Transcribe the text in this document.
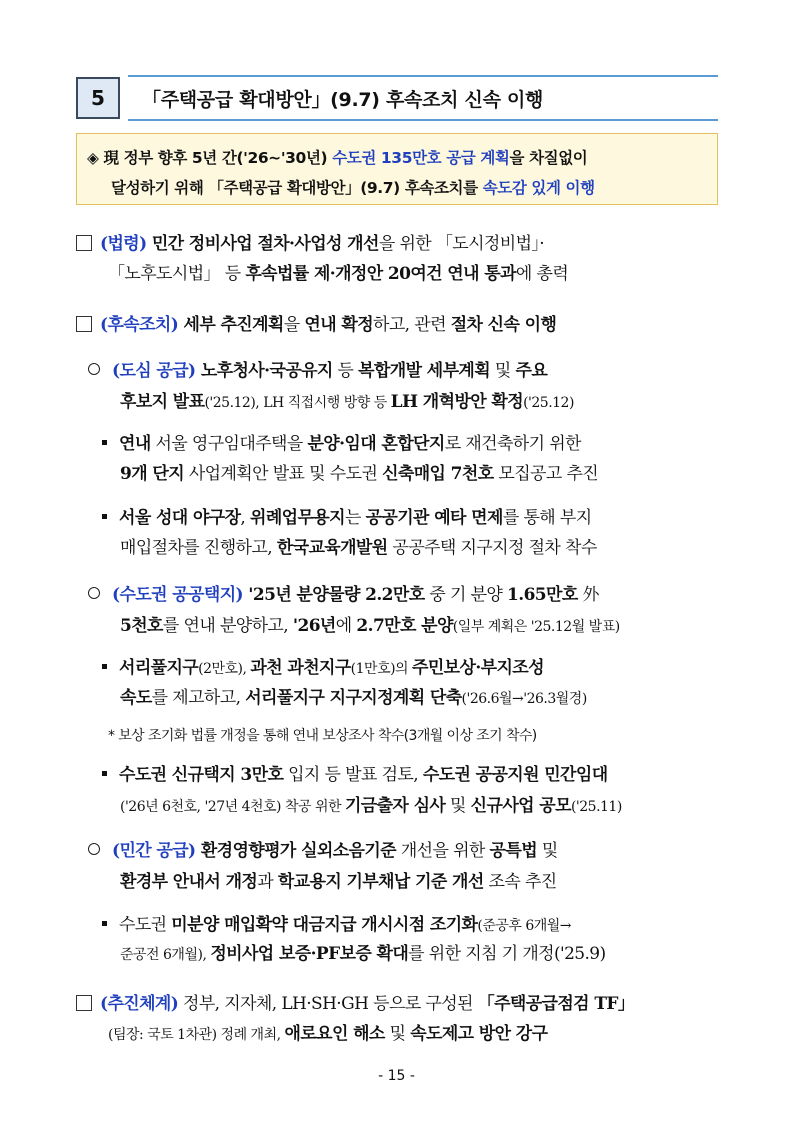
5	「주택공급 확대방안」(9.7) 후속조치 신속 이행
◈ 現 정부 향후 5년 간('26∼'30년) 수도권 135만호 공급 계획을 차질없이
달성하기 위해 「주택공급 확대방안」(9.7) 후속조치를 속도감 있게 이행
(법령) 민간 정비사업 절차·사업성 개선을 위한 「도시정비법」·
「노후도시법」 등 후속법률 제·개정안 20여건 연내 통과에 총력
(후속조치) 세부 추진계획을 연내 확정하고, 관련 절차 신속 이행
(도심 공급) 노후청사·국공유지 등 복합개발 세부계획 및 주요
후보지 발표('25.12), LH 직접시행 방향 등 LH 개혁방안 확정('25.12)
연내 서울 영구임대주택을 분양·임대 혼합단지로 재건축하기 위한
9개 단지 사업계획안 발표 및 수도권 신축매입 7천호 모집공고 추진
서울 성대 야구장, 위례업무용지는 공공기관 예타 면제를 통해 부지
매입절차를 진행하고, 한국교육개발원 공공주택 지구지정 절차 착수
(수도권 공공택지) '25년 분양물량 2.2만호 중 기 분양 1.65만호 外
5천호를 연내 분양하고, '26년에 2.7만호 분양(일부 계획은 '25.12월 발표)
서리풀지구(2만호), 과천 과천지구(1만호)의 주민보상·부지조성
속도를 제고하고, 서리풀지구 지구지정계획 단축('26.6월→'26.3월경)
* 보상 조기화 법률 개정을 통해 연내 보상조사 착수(3개월 이상 조기 착수)
수도권 신규택지 3만호 입지 등 발표 검토, 수도권 공공지원 민간임대
('26년 6천호, '27년 4천호) 착공 위한 기금출자 심사 및 신규사업 공모('25.11)
(민간 공급) 환경영향평가 실외소음기준 개선을 위한 공특법 및
환경부 안내서 개정과 학교용지 기부채납 기준 개선 조속 추진
수도권 미분양 매입확약 대금지급 개시시점 조기화(준공후 6개월→
준공전 6개월), 정비사업 보증·PF보증 확대를 위한 지침 기 개정('25.9)
(추진체계) 정부, 지자체, LH·SH·GH 등으로 구성된 「주택공급점검 TF」
(팀장: 국토 1차관) 정례 개최, 애로요인 해소 및 속도제고 방안 강구
- 15 -
